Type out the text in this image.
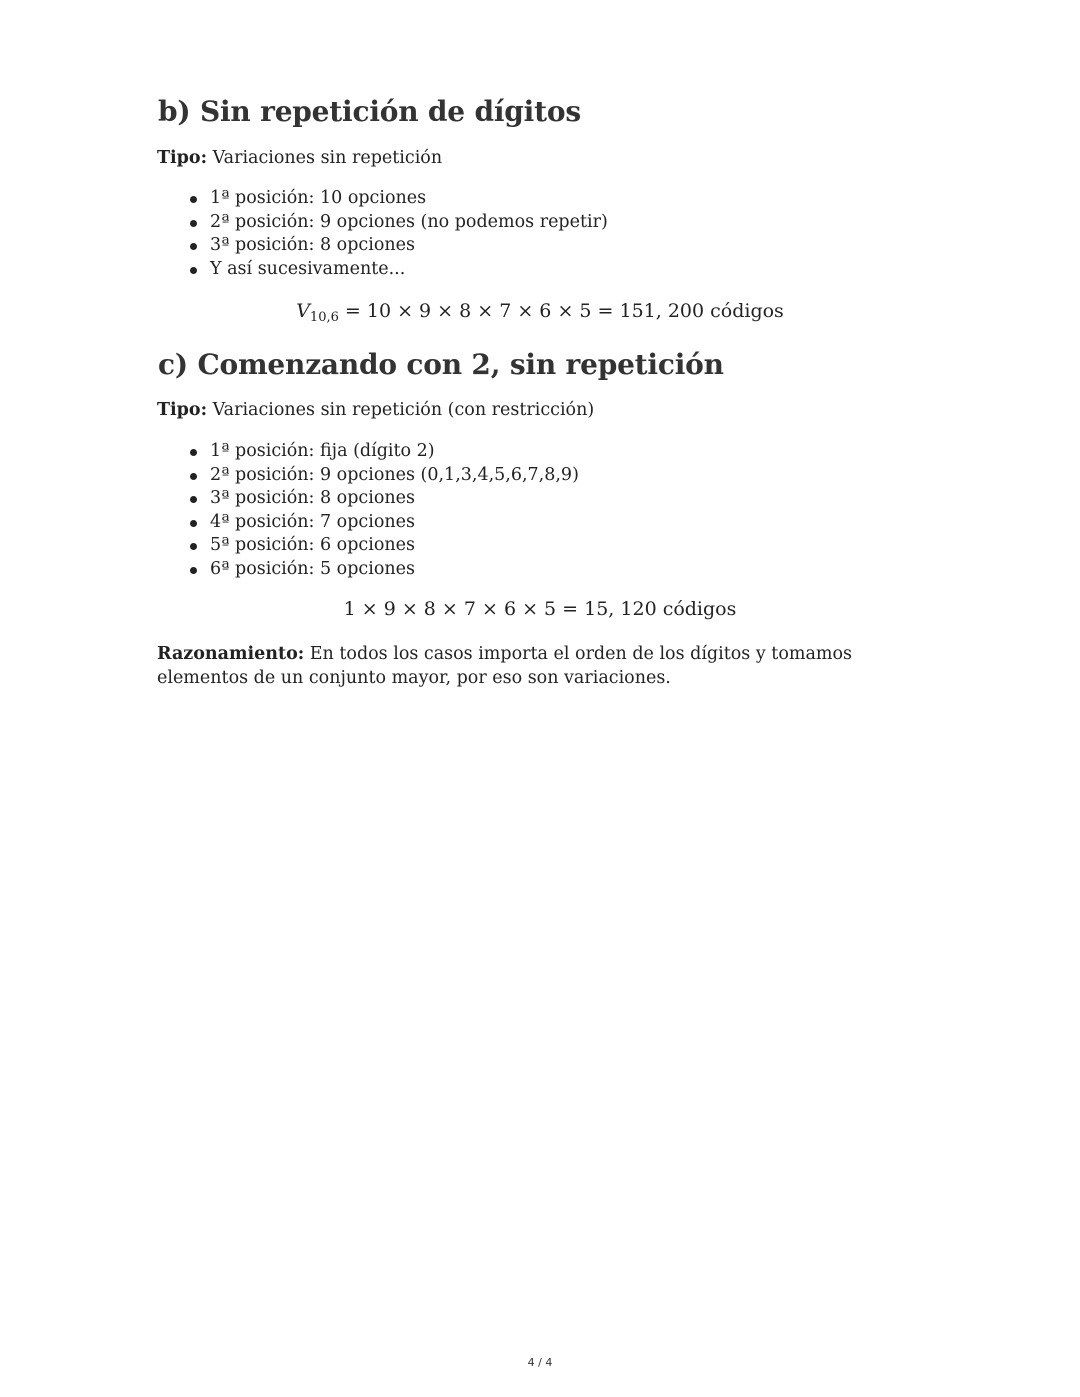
b) Sin repetición de dígitos

Tipo: Variaciones sin repetición

1ª posición: 10 opciones
2ª posición: 9 opciones (no podemos repetir)
3ª posición: 8 opciones
Y así sucesivamente...
$V_{10,6} = 10 \times 9 \times 8 \times 7 \times 6 \times 5 = 151$, 200 códigos
c) Comenzando con 2, sin repetición

Tipo: Variaciones sin repetición (con restricción)

1ª posición: fija (dígito 2)
2ª posición: 9 opciones (0,1,3,4,5,6,7,8,9)
3ª posición: 8 opciones
4ª posición: 7 opciones
5ª posición: 6 opciones
6ª posición: 5 opciones
1 × 9 × 8 × 7 × 6 × 5 = 15, 120 códigos

Razonamiento: En todos los casos importa el orden de los dígitos y tomamos elementos de un conjunto mayor, por eso son variaciones.

4 / 4
